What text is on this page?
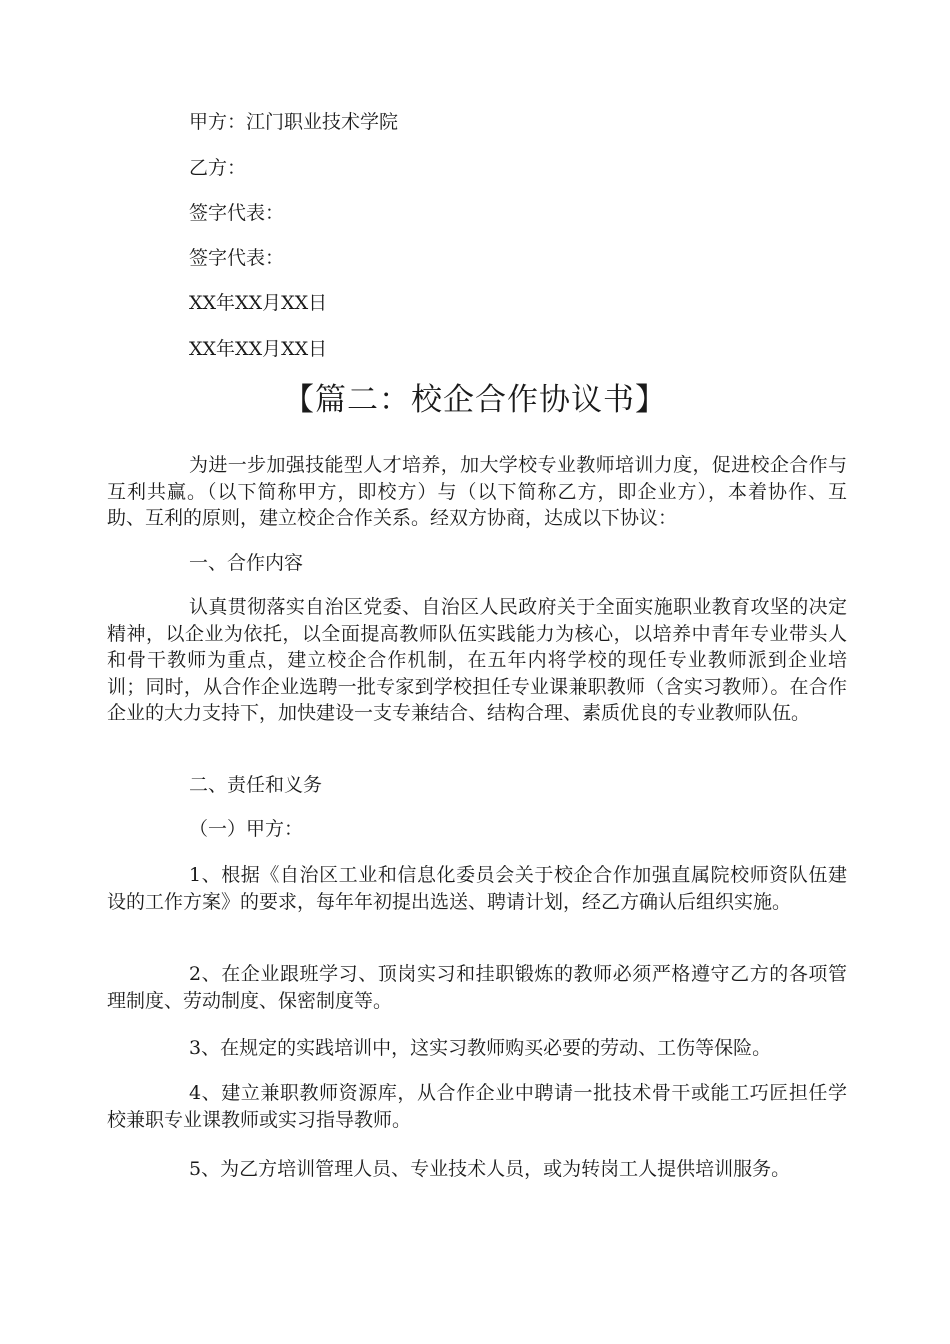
甲方：江门职业技术学院
乙方：
签字代表：
签字代表：
XX年XX月XX日
XX年XX月XX日
【篇二：校企合作协议书】
为进一步加强技能型人才培养，加大学校专业教师培训力度，促进校企合作与互利共赢。（以下简称甲方，即校方）与（以下简称乙方，即企业方），本着协作、互助、互利的原则，建立校企合作关系。经双方协商，达成以下协议：
一、合作内容
认真贯彻落实自治区党委、自治区人民政府关于全面实施职业教育攻坚的决定精神，以企业为依托，以全面提高教师队伍实践能力为核心，以培养中青年专业带头人和骨干教师为重点，建立校企合作机制，在五年内将学校的现任专业教师派到企业培训；同时，从合作企业选聘一批专家到学校担任专业课兼职教师（含实习教师）。在合作企业的大力支持下，加快建设一支专兼结合、结构合理、素质优良的专业教师队伍。
二、责任和义务
（一）甲方：
1、根据《自治区工业和信息化委员会关于校企合作加强直属院校师资队伍建设的工作方案》的要求，每年年初提出选送、聘请计划，经乙方确认后组织实施。
2、在企业跟班学习、顶岗实习和挂职锻炼的教师必须严格遵守乙方的各项管理制度、劳动制度、保密制度等。
3、在规定的实践培训中，这实习教师购买必要的劳动、工伤等保险。
4、建立兼职教师资源库，从合作企业中聘请一批技术骨干或能工巧匠担任学校兼职专业课教师或实习指导教师。
5、为乙方培训管理人员、专业技术人员，或为转岗工人提供培训服务。
